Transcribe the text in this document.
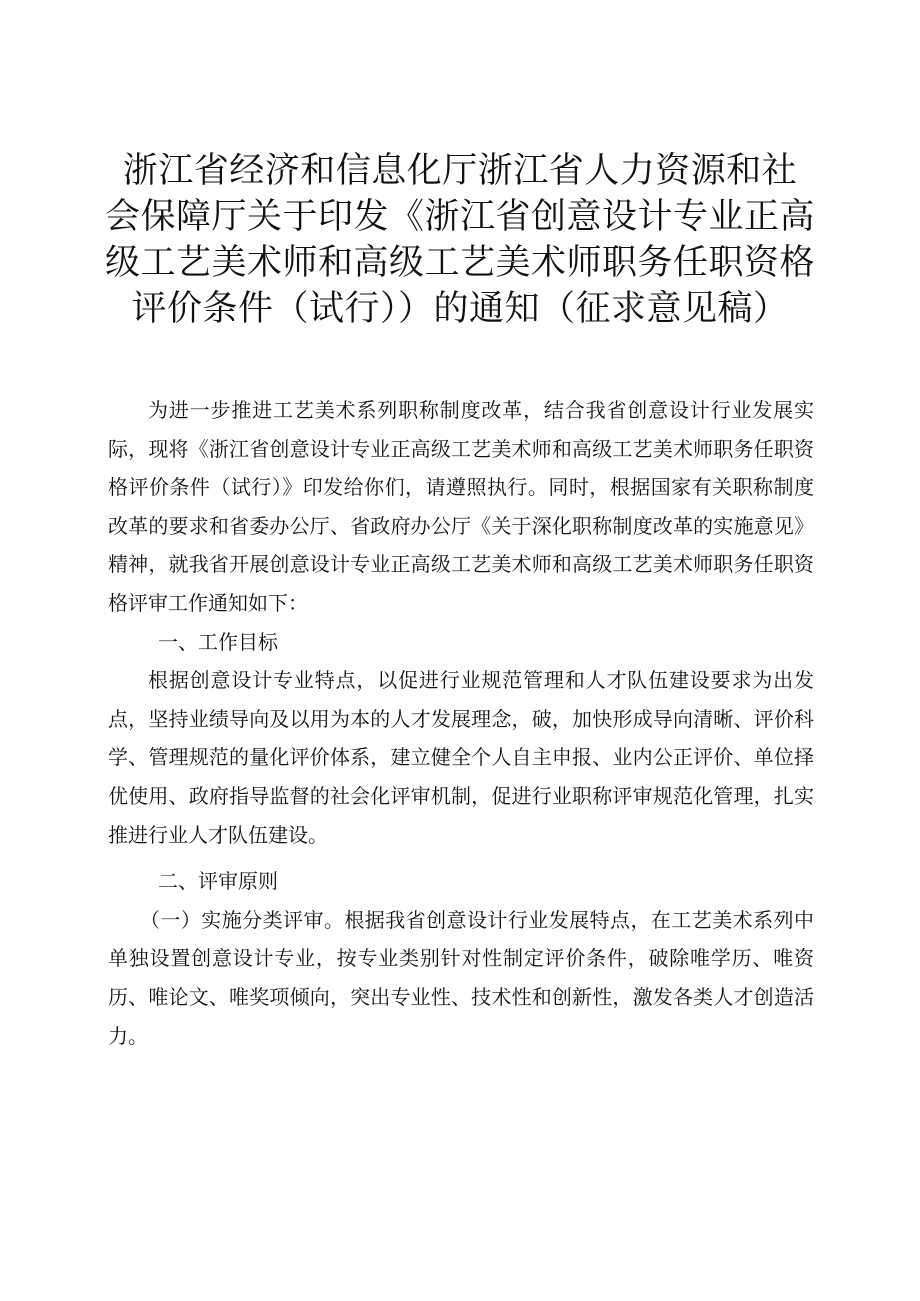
浙江省经济和信息化厅浙江省人力资源和社
会保障厅关于印发《浙江省创意设计专业正高
级工艺美术师和高级工艺美术师职务任职资格
评价条件（试行））的通知（征求意见稿）

为进一步推进工艺美术系列职称制度改革，结合我省创意设计行业发展实际，现将《浙江省创意设计专业正高级工艺美术师和高级工艺美术师职务任职资格评价条件（试行）》印发给你们，请遵照执行。同时，根据国家有关职称制度改革的要求和省委办公厅、省政府办公厅《关于深化职称制度改革的实施意见》精神，就我省开展创意设计专业正高级工艺美术师和高级工艺美术师职务任职资格评审工作通知如下：

一、工作目标

根据创意设计专业特点，以促进行业规范管理和人才队伍建设要求为出发点，坚持业绩导向及以用为本的人才发展理念，破，加快形成导向清晰、评价科学、管理规范的量化评价体系，建立健全个人自主申报、业内公正评价、单位择优使用、政府指导监督的社会化评审机制，促进行业职称评审规范化管理，扎实推进行业人才队伍建设。

二、评审原则

（一）实施分类评审。根据我省创意设计行业发展特点，在工艺美术系列中单独设置创意设计专业，按专业类别针对性制定评价条件，破除唯学历、唯资历、唯论文、唯奖项倾向，突出专业性、技术性和创新性，激发各类人才创造活力。
